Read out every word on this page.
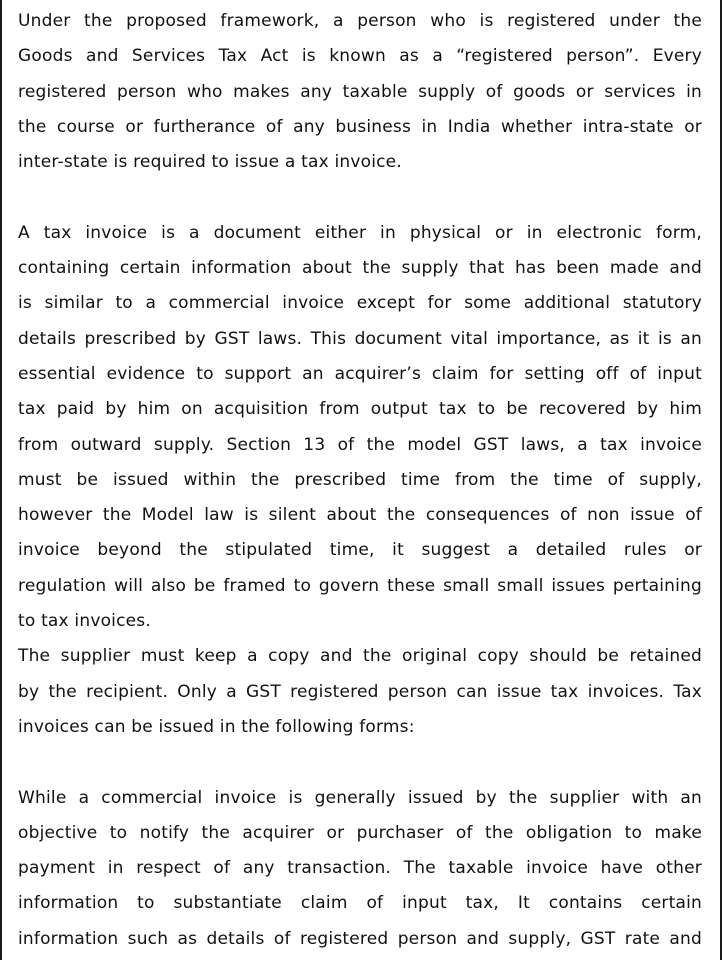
Under the proposed framework, a person who is registered under the
Goods and Services Tax Act is known as a “registered person”. Every
registered person who makes any taxable supply of goods or services in
the course or furtherance of any business in India whether intra-state or
inter-state is required to issue a tax invoice.
A tax invoice is a document either in physical or in electronic form,
containing certain information about the supply that has been made and
is similar to a commercial invoice except for some additional statutory
details prescribed by GST laws. This document vital importance, as it is an
essential evidence to support an acquirer’s claim for setting off of input
tax paid by him on acquisition from output tax to be recovered by him
from outward supply. Section 13 of the model GST laws, a tax invoice
must be issued within the prescribed time from the time of supply,
however the Model law is silent about the consequences of non issue of
invoice beyond the stipulated time, it suggest a detailed rules or
regulation will also be framed to govern these small small issues pertaining
to tax invoices.
The supplier must keep a copy and the original copy should be retained
by the recipient. Only a GST registered person can issue tax invoices. Tax
invoices can be issued in the following forms:
While a commercial invoice is generally issued by the supplier with an
objective to notify the acquirer or purchaser of the obligation to make
payment in respect of any transaction. The taxable invoice have other
information to substantiate claim of input tax, It contains certain
information such as details of registered person and supply, GST rate and
